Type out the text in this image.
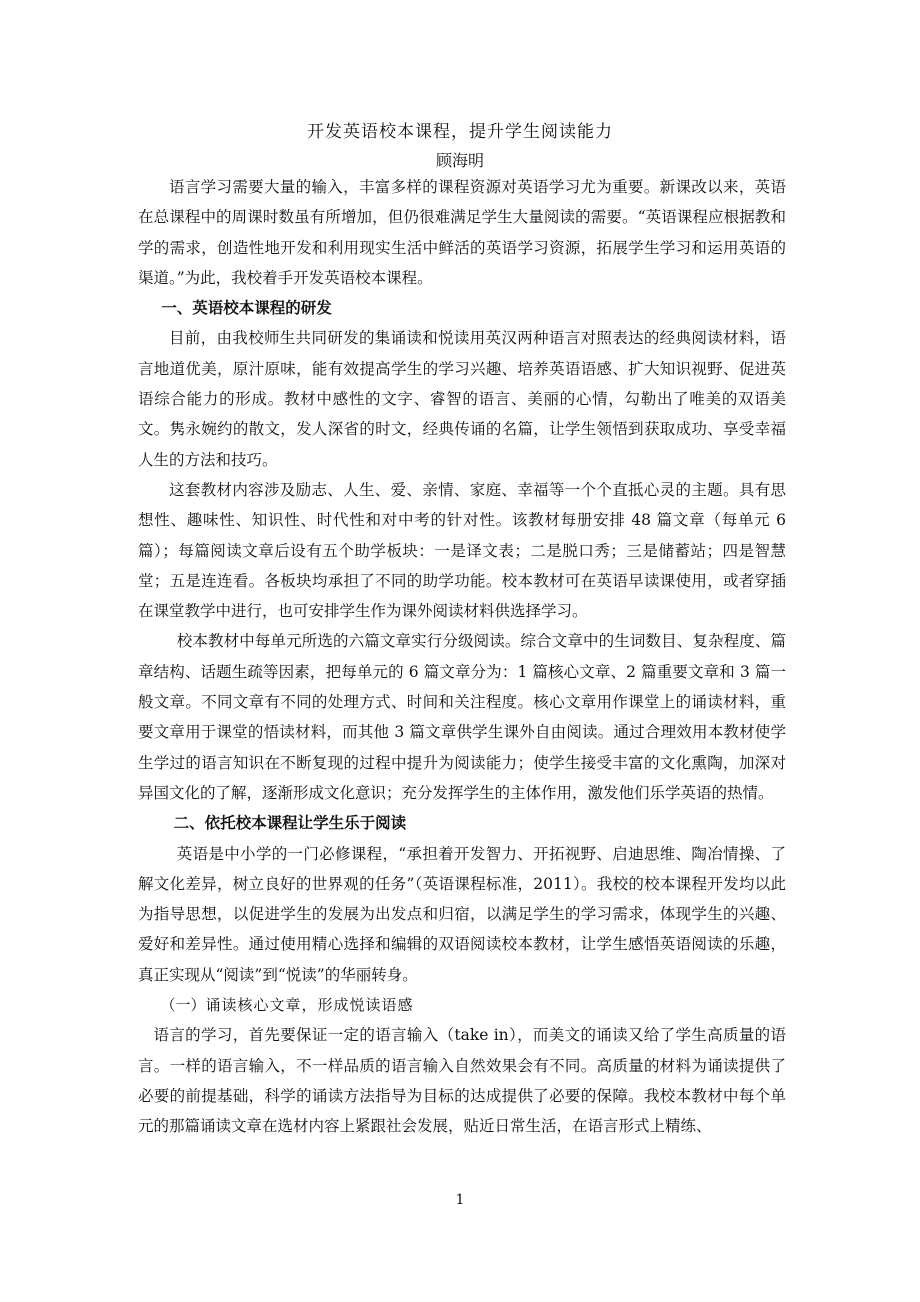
开发英语校本课程，提升学生阅读能力
顾海明

语言学习需要大量的输入，丰富多样的课程资源对英语学习尤为重要。新课改以来，英语在总课程中的周课时数虽有所增加，但仍很难满足学生大量阅读的需要。“英语课程应根据教和学的需求，创造性地开发和利用现实生活中鲜活的英语学习资源，拓展学生学习和运用英语的渠道。”为此，我校着手开发英语校本课程。

一、英语校本课程的研发

目前，由我校师生共同研发的集诵读和悦读用英汉两种语言对照表达的经典阅读材料，语言地道优美，原汁原味，能有效提高学生的学习兴趣、培养英语语感、扩大知识视野、促进英语综合能力的形成。教材中感性的文字、睿智的语言、美丽的心情，勾勒出了唯美的双语美文。隽永婉约的散文，发人深省的时文，经典传诵的名篇，让学生领悟到获取成功、享受幸福人生的方法和技巧。

这套教材内容涉及励志、人生、爱、亲情、家庭、幸福等一个个直抵心灵的主题。具有思想性、趣味性、知识性、时代性和对中考的针对性。该教材每册安排 48 篇文章（每单元 6 篇）；每篇阅读文章后设有五个助学板块：一是译文表；二是脱口秀；三是储蓄站；四是智慧堂；五是连连看。各板块均承担了不同的助学功能。校本教材可在英语早读课使用，或者穿插在课堂教学中进行，也可安排学生作为课外阅读材料供选择学习。

校本教材中每单元所选的六篇文章实行分级阅读。综合文章中的生词数目、复杂程度、篇章结构、话题生疏等因素，把每单元的 6 篇文章分为：1 篇核心文章、2 篇重要文章和 3 篇一般文章。不同文章有不同的处理方式、时间和关注程度。核心文章用作课堂上的诵读材料，重要文章用于课堂的悟读材料，而其他 3 篇文章供学生课外自由阅读。通过合理效用本教材使学生学过的语言知识在不断复现的过程中提升为阅读能力；使学生接受丰富的文化熏陶，加深对异国文化的了解，逐渐形成文化意识；充分发挥学生的主体作用，激发他们乐学英语的热情。

二、依托校本课程让学生乐于阅读

英语是中小学的一门必修课程，“承担着开发智力、开拓视野、启迪思维、陶冶情操、了解文化差异，树立良好的世界观的任务”（英语课程标准，2011）。我校的校本课程开发均以此为指导思想，以促进学生的发展为出发点和归宿，以满足学生的学习需求，体现学生的兴趣、爱好和差异性。通过使用精心选择和编辑的双语阅读校本教材，让学生感悟英语阅读的乐趣，真正实现从“阅读”到“悦读”的华丽转身。

（一）诵读核心文章，形成悦读语感

语言的学习，首先要保证一定的语言输入（take in），而美文的诵读又给了学生高质量的语言。一样的语言输入，不一样品质的语言输入自然效果会有不同。高质量的材料为诵读提供了必要的前提基础，科学的诵读方法指导为目标的达成提供了必要的保障。我校本教材中每个单元的那篇诵读文章在选材内容上紧跟社会发展，贴近日常生活，在语言形式上精练、

1
